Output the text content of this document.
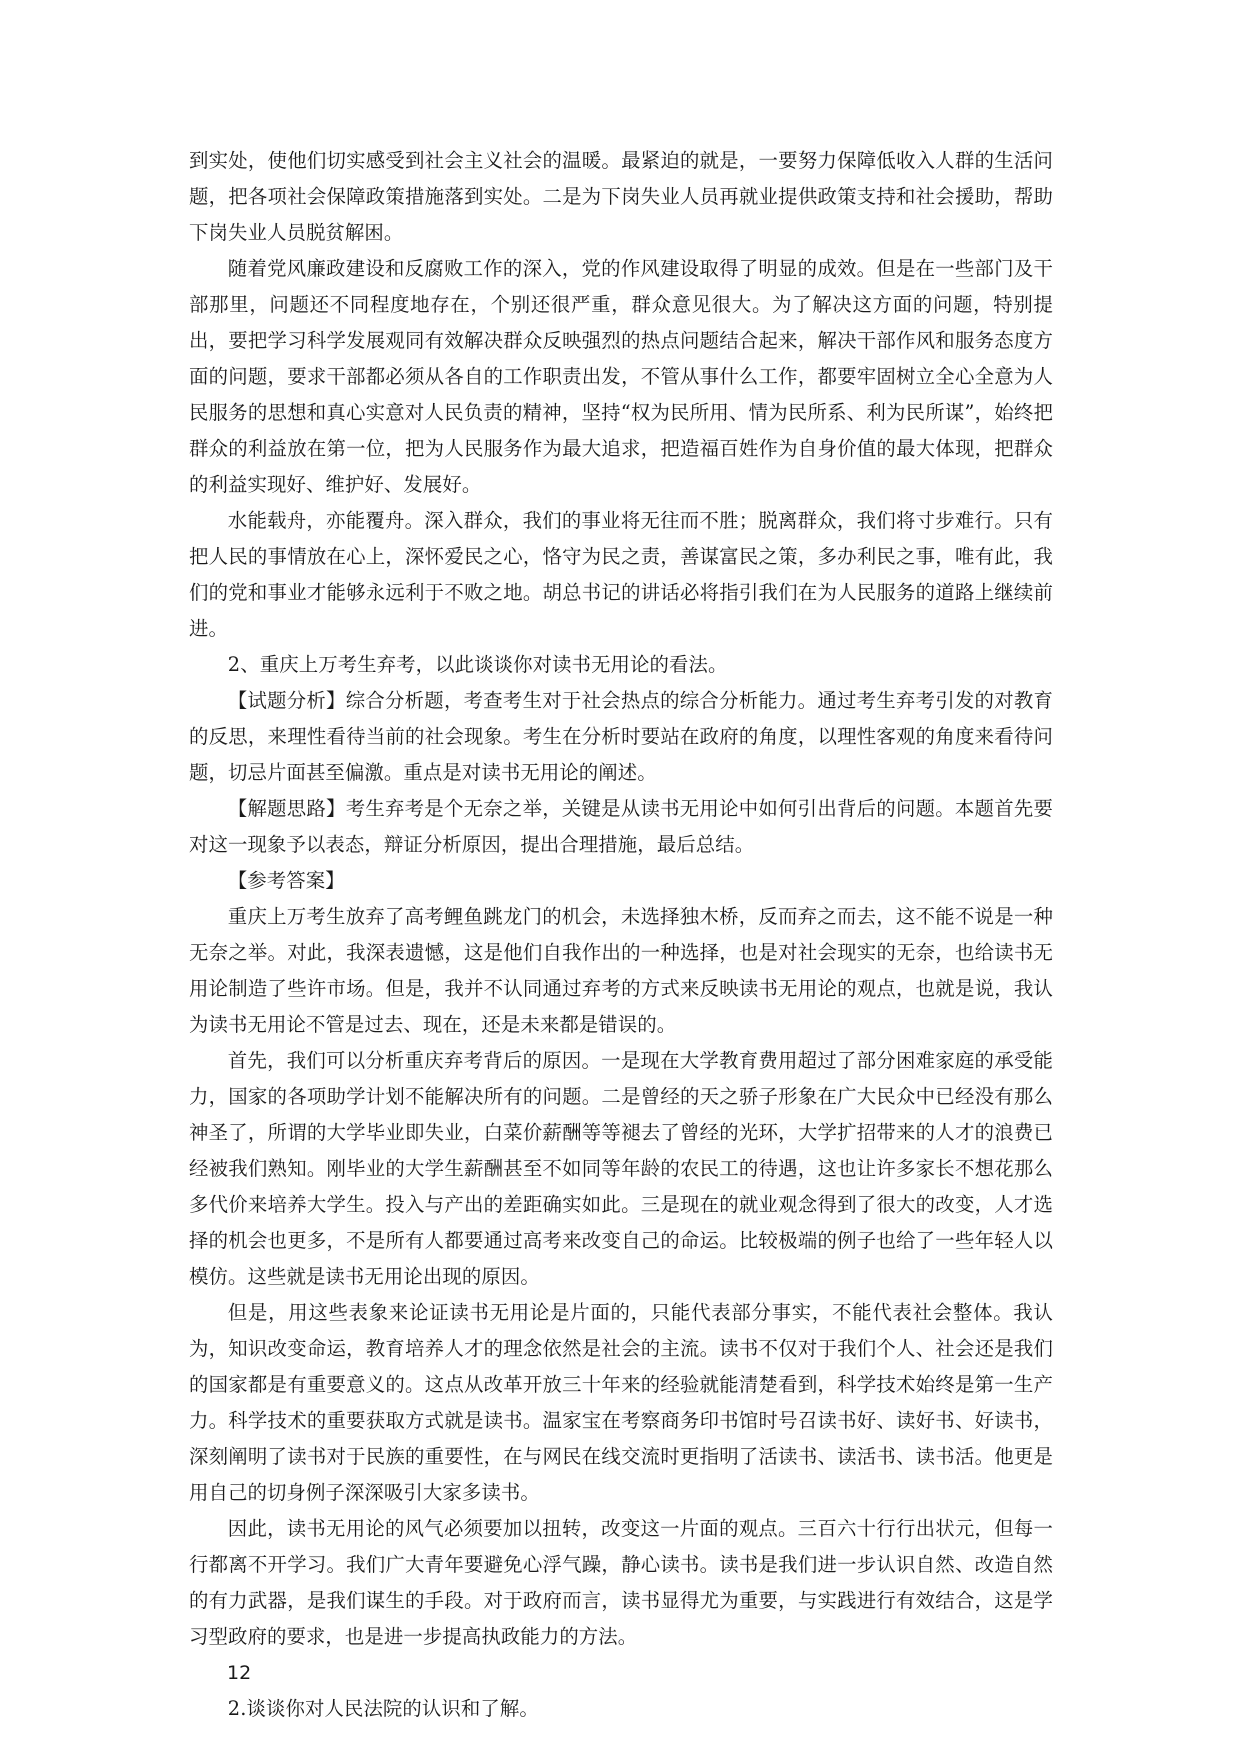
到实处，使他们切实感受到社会主义社会的温暖。最紧迫的就是，一要努力保障低收入人群的生活问题，把各项社会保障政策措施落到实处。二是为下岗失业人员再就业提供政策支持和社会援助，帮助下岗失业人员脱贫解困。

随着党风廉政建设和反腐败工作的深入，党的作风建设取得了明显的成效。但是在一些部门及干部那里，问题还不同程度地存在，个别还很严重，群众意见很大。为了解决这方面的问题，特别提出，要把学习科学发展观同有效解决群众反映强烈的热点问题结合起来，解决干部作风和服务态度方面的问题，要求干部都必须从各自的工作职责出发，不管从事什么工作，都要牢固树立全心全意为人民服务的思想和真心实意对人民负责的精神，坚持“权为民所用、情为民所系、利为民所谋”，始终把群众的利益放在第一位，把为人民服务作为最大追求，把造福百姓作为自身价值的最大体现，把群众的利益实现好、维护好、发展好。

水能载舟，亦能覆舟。深入群众，我们的事业将无往而不胜；脱离群众，我们将寸步难行。只有把人民的事情放在心上，深怀爱民之心，恪守为民之责，善谋富民之策，多办利民之事，唯有此，我们的党和事业才能够永远利于不败之地。胡总书记的讲话必将指引我们在为人民服务的道路上继续前进。

2、重庆上万考生弃考，以此谈谈你对读书无用论的看法。

【试题分析】综合分析题，考查考生对于社会热点的综合分析能力。通过考生弃考引发的对教育的反思，来理性看待当前的社会现象。考生在分析时要站在政府的角度，以理性客观的角度来看待问题，切忌片面甚至偏激。重点是对读书无用论的阐述。

【解题思路】考生弃考是个无奈之举，关键是从读书无用论中如何引出背后的问题。本题首先要对这一现象予以表态，辩证分析原因，提出合理措施，最后总结。

【参考答案】

重庆上万考生放弃了高考鲤鱼跳龙门的机会，未选择独木桥，反而弃之而去，这不能不说是一种无奈之举。对此，我深表遗憾，这是他们自我作出的一种选择，也是对社会现实的无奈，也给读书无用论制造了些许市场。但是，我并不认同通过弃考的方式来反映读书无用论的观点，也就是说，我认为读书无用论不管是过去、现在，还是未来都是错误的。

首先，我们可以分析重庆弃考背后的原因。一是现在大学教育费用超过了部分困难家庭的承受能力，国家的各项助学计划不能解决所有的问题。二是曾经的天之骄子形象在广大民众中已经没有那么神圣了，所谓的大学毕业即失业，白菜价薪酬等等褪去了曾经的光环，大学扩招带来的人才的浪费已经被我们熟知。刚毕业的大学生薪酬甚至不如同等年龄的农民工的待遇，这也让许多家长不想花那么多代价来培养大学生。投入与产出的差距确实如此。三是现在的就业观念得到了很大的改变，人才选择的机会也更多，不是所有人都要通过高考来改变自己的命运。比较极端的例子也给了一些年轻人以模仿。这些就是读书无用论出现的原因。

但是，用这些表象来论证读书无用论是片面的，只能代表部分事实，不能代表社会整体。我认为，知识改变命运，教育培养人才的理念依然是社会的主流。读书不仅对于我们个人、社会还是我们的国家都是有重要意义的。这点从改革开放三十年来的经验就能清楚看到，科学技术始终是第一生产力。科学技术的重要获取方式就是读书。温家宝在考察商务印书馆时号召读书好、读好书、好读书，深刻阐明了读书对于民族的重要性，在与网民在线交流时更指明了活读书、读活书、读书活。他更是用自己的切身例子深深吸引大家多读书。

因此，读书无用论的风气必须要加以扭转，改变这一片面的观点。三百六十行行出状元，但每一行都离不开学习。我们广大青年要避免心浮气躁，静心读书。读书是我们进一步认识自然、改造自然的有力武器，是我们谋生的手段。对于政府而言，读书显得尤为重要，与实践进行有效结合，这是学习型政府的要求，也是进一步提高执政能力的方法。

12

2.谈谈你对人民法院的认识和了解。
